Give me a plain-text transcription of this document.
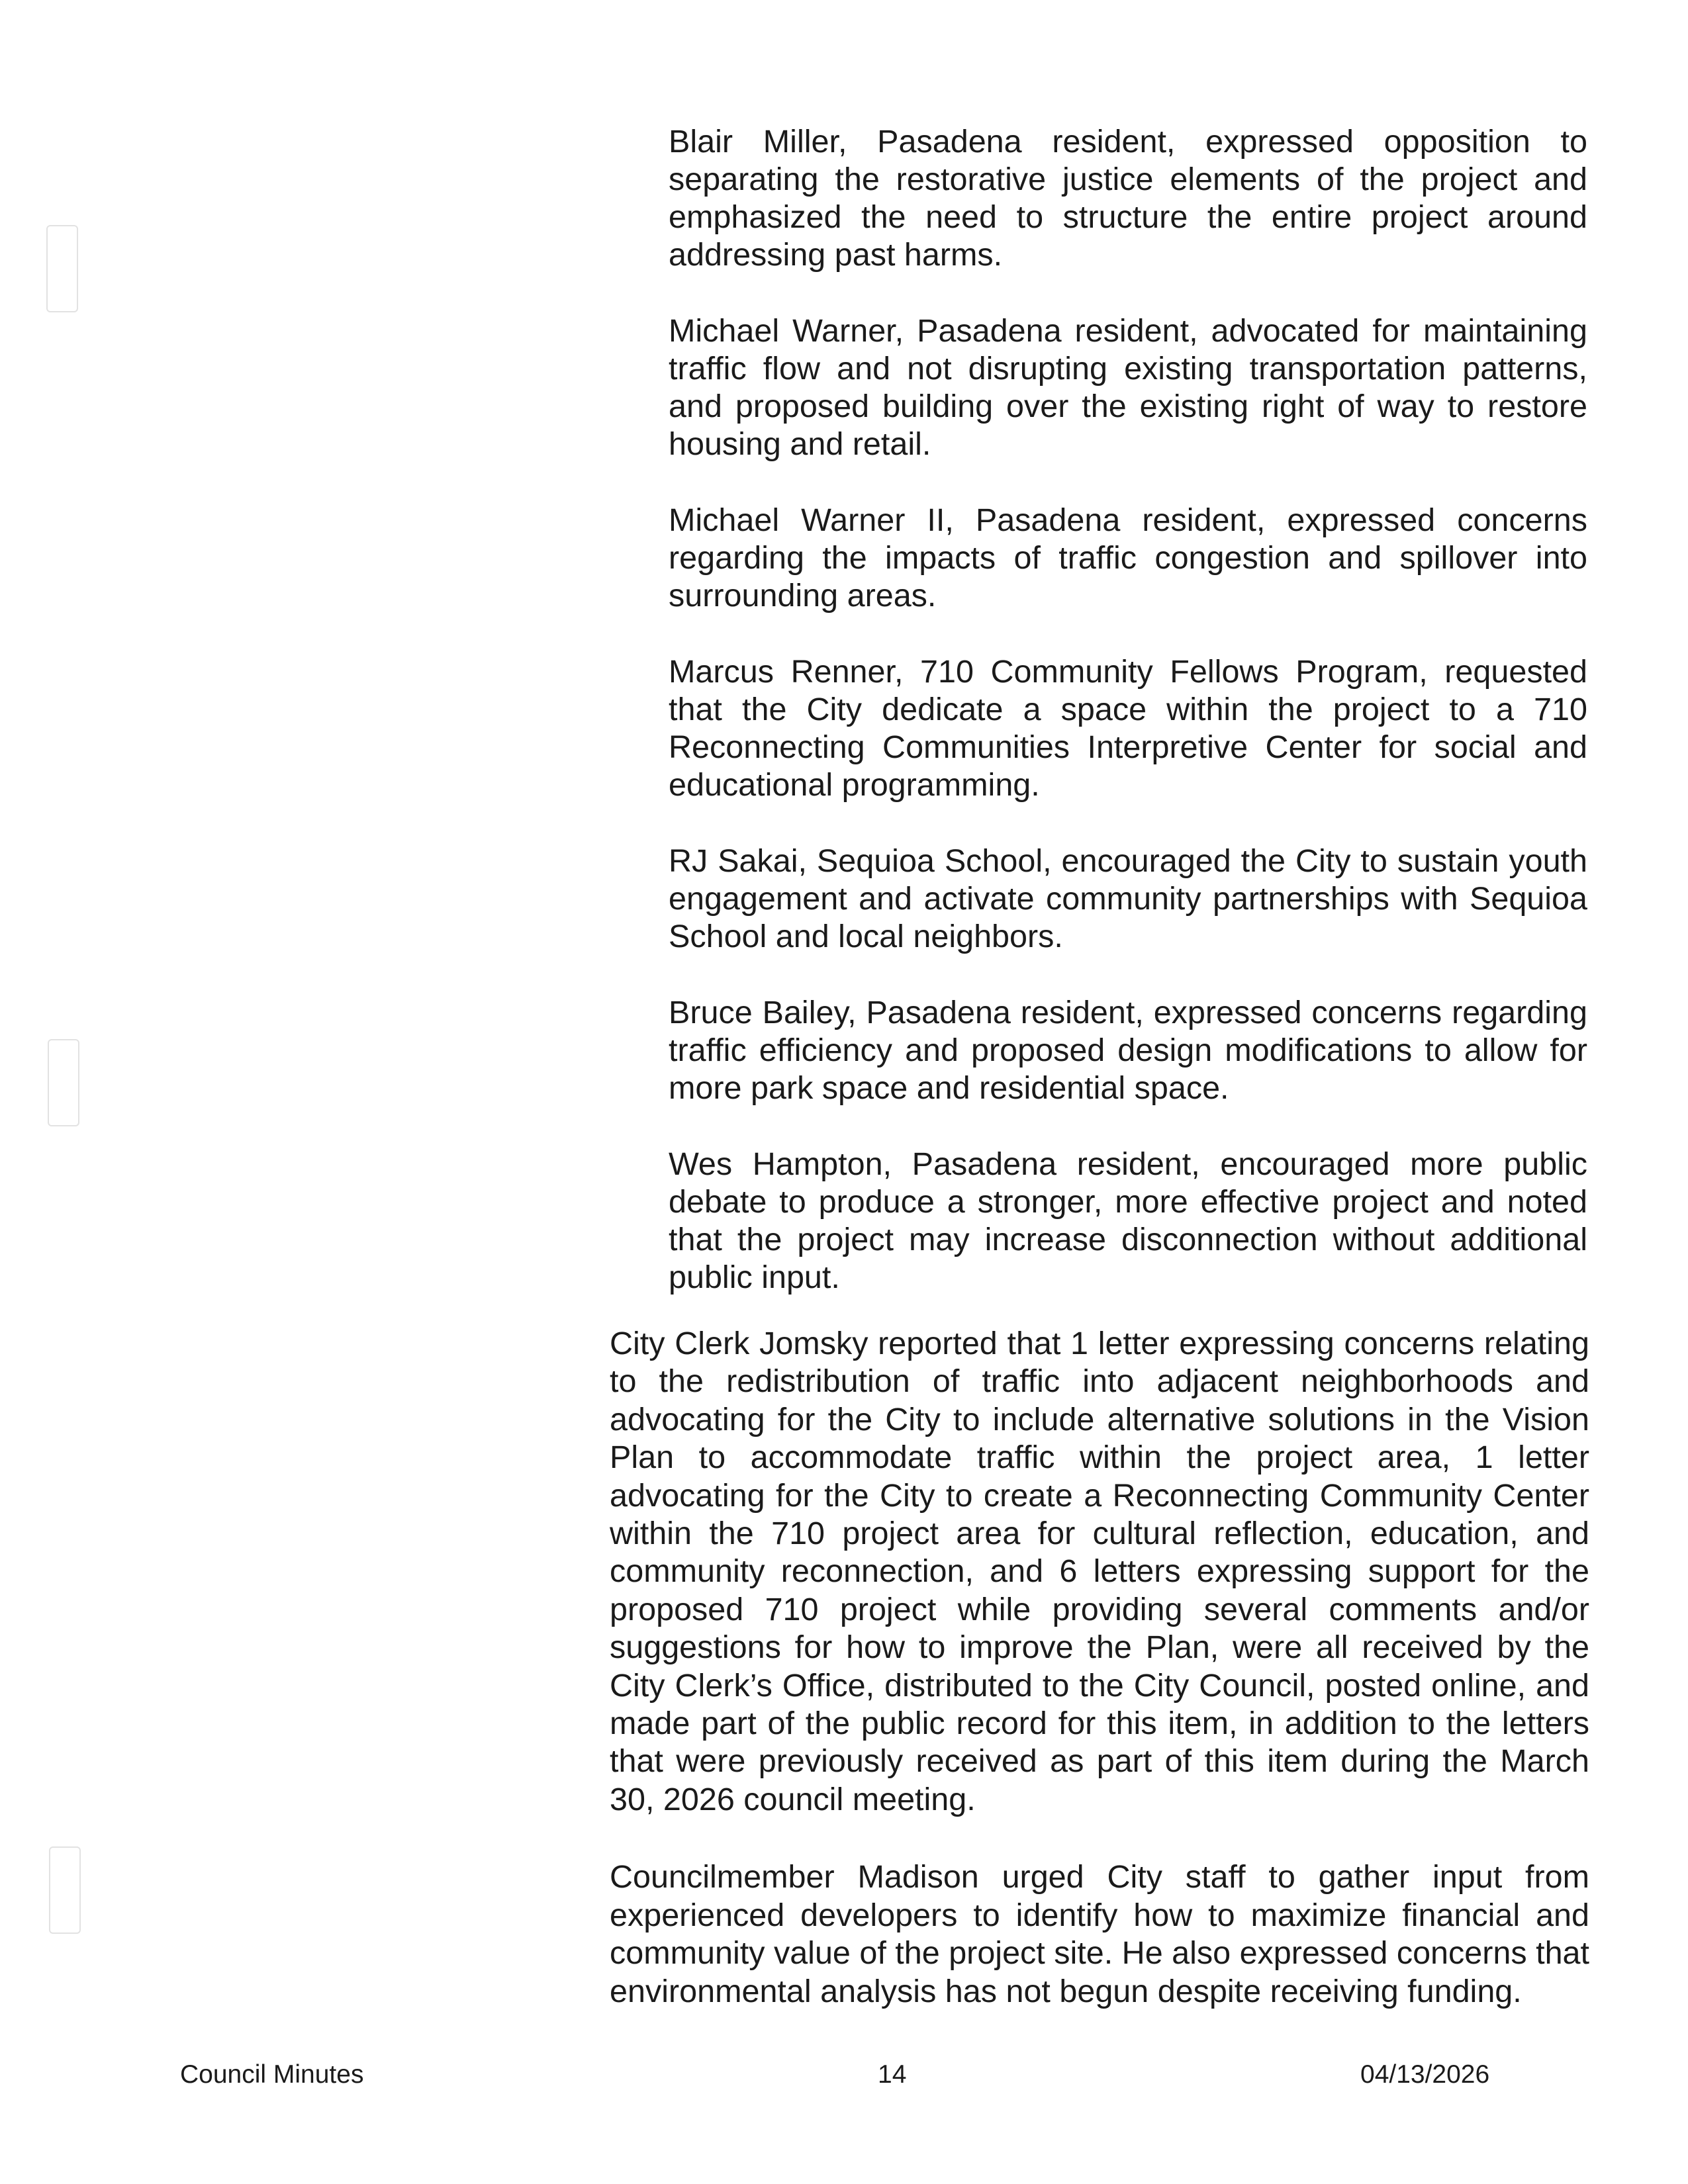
Blair Miller, Pasadena resident, expressed opposition to separating the restorative justice elements of the project and emphasized the need to structure the entire project around addressing past harms.

Michael Warner, Pasadena resident, advocated for maintaining traffic flow and not disrupting existing transportation patterns, and proposed building over the existing right of way to restore housing and retail.

Michael Warner II, Pasadena resident, expressed concerns regarding the impacts of traffic congestion and spillover into surrounding areas.

Marcus Renner, 710 Community Fellows Program, requested that the City dedicate a space within the project to a 710 Reconnecting Communities Interpretive Center for social and educational programming.

RJ Sakai, Sequioa School, encouraged the City to sustain youth engagement and activate community partnerships with Sequioa School and local neighbors.

Bruce Bailey, Pasadena resident, expressed concerns regarding traffic efficiency and proposed design modifications to allow for more park space and residential space.

Wes Hampton, Pasadena resident, encouraged more public debate to produce a stronger, more effective project and noted that the project may increase disconnection without additional public input.

City Clerk Jomsky reported that 1 letter expressing concerns relating to the redistribution of traffic into adjacent neighborhoods and advocating for the City to include alternative solutions in the Vision Plan to accommodate traffic within the project area, 1 letter advocating for the City to create a Reconnecting Community Center within the 710 project area for cultural reflection, education, and community reconnection, and 6 letters expressing support for the proposed 710 project while providing several comments and/or suggestions for how to improve the Plan, were all received by the City Clerk’s Office, distributed to the City Council, posted online, and made part of the public record for this item, in addition to the letters that were previously received as part of this item during the March 30, 2026 council meeting.

Councilmember Madison urged City staff to gather input from experienced developers to identify how to maximize financial and community value of the project site. He also expressed concerns that environmental analysis has not begun despite receiving funding.

Council Minutes	14	04/13/2026
